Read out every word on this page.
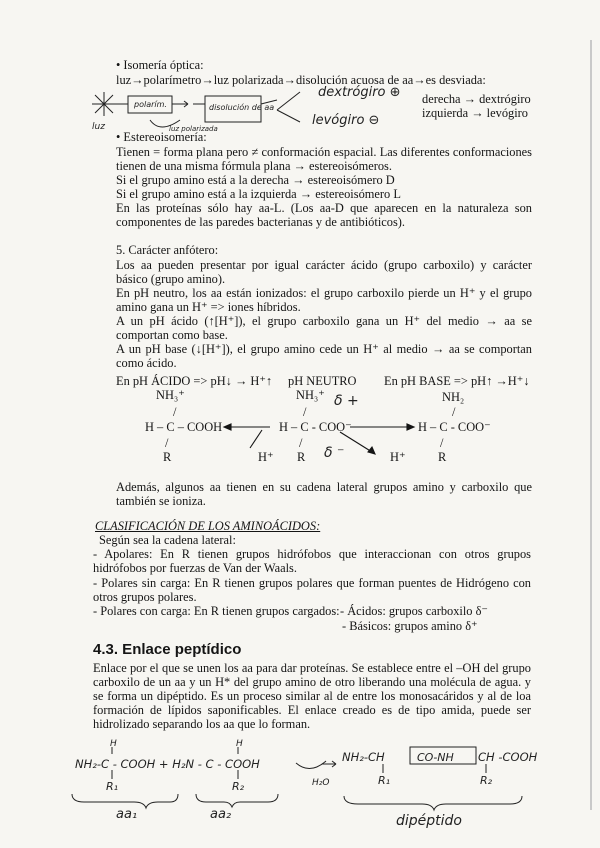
• Isomería óptica:
luz→polarímetro→luz polarizada→disolución acuosa de aa→es desviada:
polarím.	disolución de aa
luz	luz polarizada
dextrógiro ⊕
levógiro ⊖
derecha → dextrógiro
izquierda → levógiro
• Estereoisomería:
Tienen = forma plana pero ≠ conformación espacial. Las diferentes conformaciones tienen de una misma fórmula plana → estereoisómeros.
Si el grupo amino está a la derecha → estereoisómero D
Si el grupo amino está a la izquierda → estereoisómero L
En las proteínas sólo hay aa-L. (Los aa-D que aparecen en la naturaleza son componentes de las paredes bacterianas y de antibióticos).
5. Carácter anfótero:
Los aa pueden presentar por igual carácter ácido (grupo carboxilo) y carácter básico (grupo amino).
En pH neutro, los aa están ionizados: el grupo carboxilo pierde un H⁺ y el grupo amino gana un H⁺ => iones híbridos.
A un pH ácido (↑[H⁺]), el grupo carboxilo gana un H⁺ del medio → aa se comportan como base.
A un pH base (↓[H⁺]), el grupo amino cede un H⁺ al medio → aa se comportan como ácido.
En pH ÁCIDO => pH↓ → H⁺↑ pH NEUTRO En pH BASE => pH↑ →H⁺↓
NH₃⁺	NH₃⁺	NH₂
δ +
/	/	/
H – C – COOH	H – C - COO⁻	H – C - COO⁻
/	/	/
R	H⁺ R δ ⁻	H⁺	R
Además, algunos aa tienen en su cadena lateral grupos amino y carboxilo que también se ioniza.
CLASIFICACIÓN DE LOS AMINOÁCIDOS:
Según sea la cadena lateral:
- Apolares: En R tienen grupos hidrófobos que interaccionan con otros grupos hidrófobos por fuerzas de Van der Waals.
- Polares sin carga: En R tienen grupos polares que forman puentes de Hidrógeno con otros grupos polares.
- Polares con carga: En R tienen grupos cargados: - Ácidos: grupos carboxilo δ⁻
- Básicos: grupos amino δ⁺
4.3. Enlace peptídico
Enlace por el que se unen los aa para dar proteínas. Se establece entre el –OH del grupo carboxilo de un aa y un H* del grupo amino de otro liberando una molécula de agua. y se forma un dipéptido. Es un proceso similar al de entre los monosacáridos y al de loa formación de lípidos saponificables. El enlace creado es de tipo amida, puede ser hidrolizado separando los aa que lo forman.
H	H
NH₂-C - COOH + H₂N - C - COOH
R₁	R₂	H₂O
NH₂-CH	CO-NH CH -COOH
R₁	R₂
aa₁	aa₂	dipéptido
